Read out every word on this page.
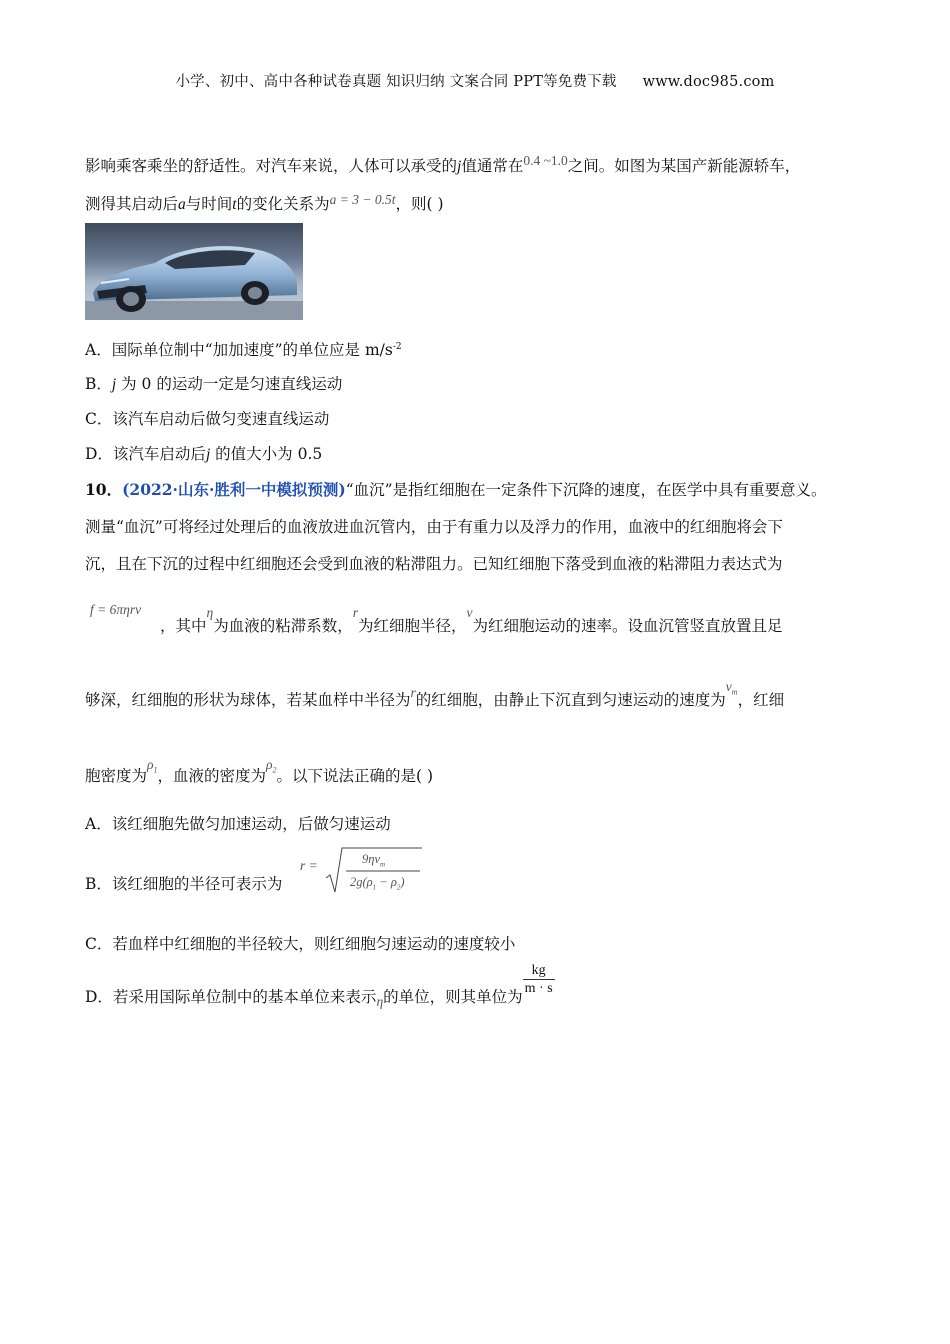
小学、初中、高中各种试卷真题 知识归纳 文案合同 PPT等免费下载 www.doc985.com
影响乘客乘坐的舒适性。对汽车来说，人体可以承受的j值通常在0.4 ~1.0之间。如图为某国产新能源轿车，
测得其启动后a与时间t的变化关系为a = 3 − 0.5t，则( )
A．国际单位制中“加加速度”的单位应是 $m/s^{-2}$
B．j 为 0 的运动一定是匀速直线运动
C．该汽车启动后做匀变速直线运动
D．该汽车启动后j 的值大小为 0.5
10．(2022·山东·胜利一中模拟预测)“血沉”是指红细胞在一定条件下沉降的速度，在医学中具有重要意义。
测量“血沉”可将经过处理后的血液放进血沉管内，由于有重力以及浮力的作用，血液中的红细胞将会下
沉，且在下沉的过程中红细胞还会受到血液的粘滞阻力。已知红细胞下落受到血液的粘滞阻力表达式为
f = 6πηrv
，其中η为血液的粘滞系数，r为红细胞半径，v为红细胞运动的速率。设血沉管竖直放置且足
够深，红细胞的形状为球体，若某血样中半径为r的红细胞，由静止下沉直到匀速运动的速度为$v_m$，红细
胞密度为$\rho_1$，血液的密度为$\rho_2$。以下说法正确的是( )
A．该红细胞先做匀加速运动，后做匀速运动
B．该红细胞的半径可表示为
r =	$9\eta v_m$
$2g(\rho_1 - \rho_2)$
C．若血样中红细胞的半径较大，则红细胞匀速运动的速度较小
D．若采用国际单位制中的基本单位来表示η的单位，则其单位为 $\frac{kg}{m \cdot s}$
